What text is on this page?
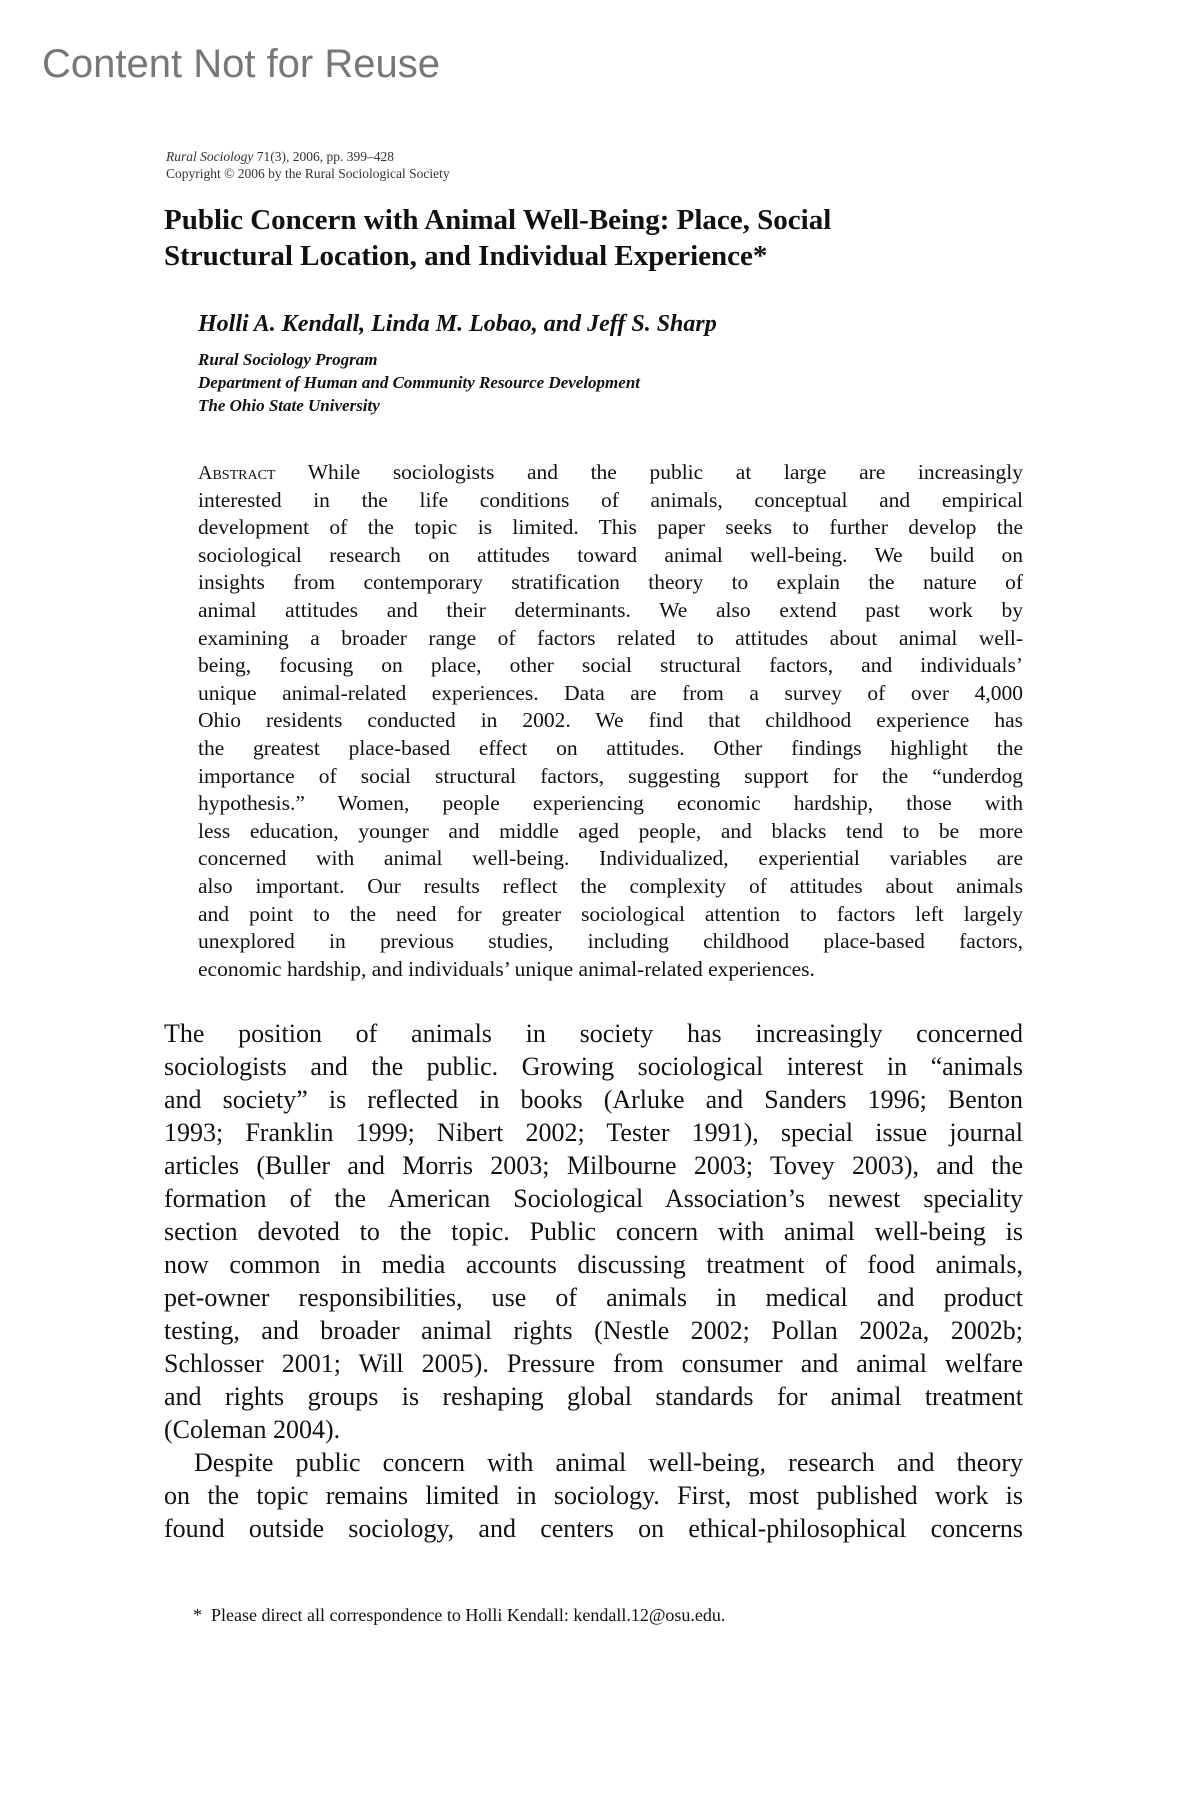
Content Not for Reuse
Rural Sociology 71(3), 2006, pp. 399–428
Copyright © 2006 by the Rural Sociological Society
Public Concern with Animal Well-Being: Place, Social
Structural Location, and Individual Experience*
Holli A. Kendall, Linda M. Lobao, and Jeff S. Sharp
Rural Sociology Program
Department of Human and Community Resource Development
The Ohio State University
Abstract While sociologists and the public at large are increasingly
interested in the life conditions of animals, conceptual and empirical
development of the topic is limited. This paper seeks to further develop the
sociological research on attitudes toward animal well-being. We build on
insights from contemporary stratification theory to explain the nature of
animal attitudes and their determinants. We also extend past work by
examining a broader range of factors related to attitudes about animal well-
being, focusing on place, other social structural factors, and individuals’
unique animal-related experiences. Data are from a survey of over 4,000
Ohio residents conducted in 2002. We find that childhood experience has
the greatest place-based effect on attitudes. Other findings highlight the
importance of social structural factors, suggesting support for the “underdog
hypothesis.” Women, people experiencing economic hardship, those with
less education, younger and middle aged people, and blacks tend to be more
concerned with animal well-being. Individualized, experiential variables are
also important. Our results reflect the complexity of attitudes about animals
and point to the need for greater sociological attention to factors left largely
unexplored in previous studies, including childhood place-based factors,
economic hardship, and individuals’ unique animal-related experiences.
The position of animals in society has increasingly concerned
sociologists and the public. Growing sociological interest in “animals
and society” is reflected in books (Arluke and Sanders 1996; Benton
1993; Franklin 1999; Nibert 2002; Tester 1991), special issue journal
articles (Buller and Morris 2003; Milbourne 2003; Tovey 2003), and the
formation of the American Sociological Association’s newest speciality
section devoted to the topic. Public concern with animal well-being is
now common in media accounts discussing treatment of food animals,
pet-owner responsibilities, use of animals in medical and product
testing, and broader animal rights (Nestle 2002; Pollan 2002a, 2002b;
Schlosser 2001; Will 2005). Pressure from consumer and animal welfare
and rights groups is reshaping global standards for animal treatment
(Coleman 2004).
Despite public concern with animal well-being, research and theory
on the topic remains limited in sociology. First, most published work is
found outside sociology, and centers on ethical-philosophical concerns
* Please direct all correspondence to Holli Kendall: kendall.12@osu.edu.
